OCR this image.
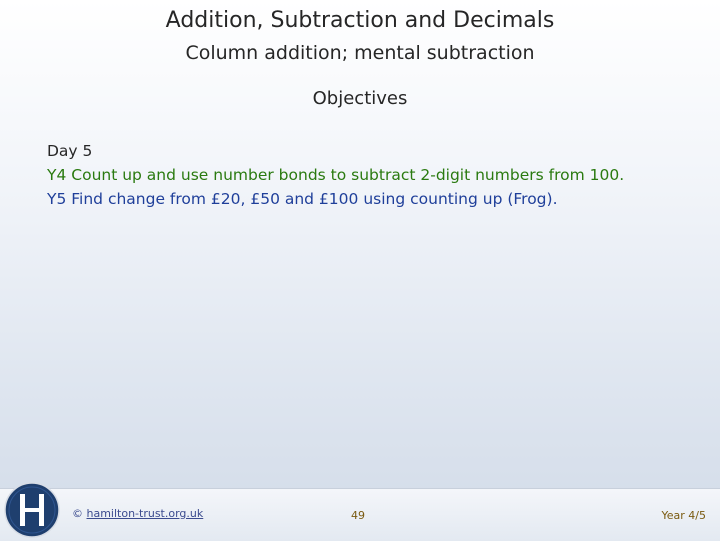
Addition, Subtraction and Decimals
Column addition; mental subtraction
Objectives
Day 5
Y4 Count up and use number bonds to subtract 2-digit numbers from 100.
Y5 Find change from £20, £50 and £100 using counting up (Frog).
© hamilton-trust.org.uk	49	Year 4/5
